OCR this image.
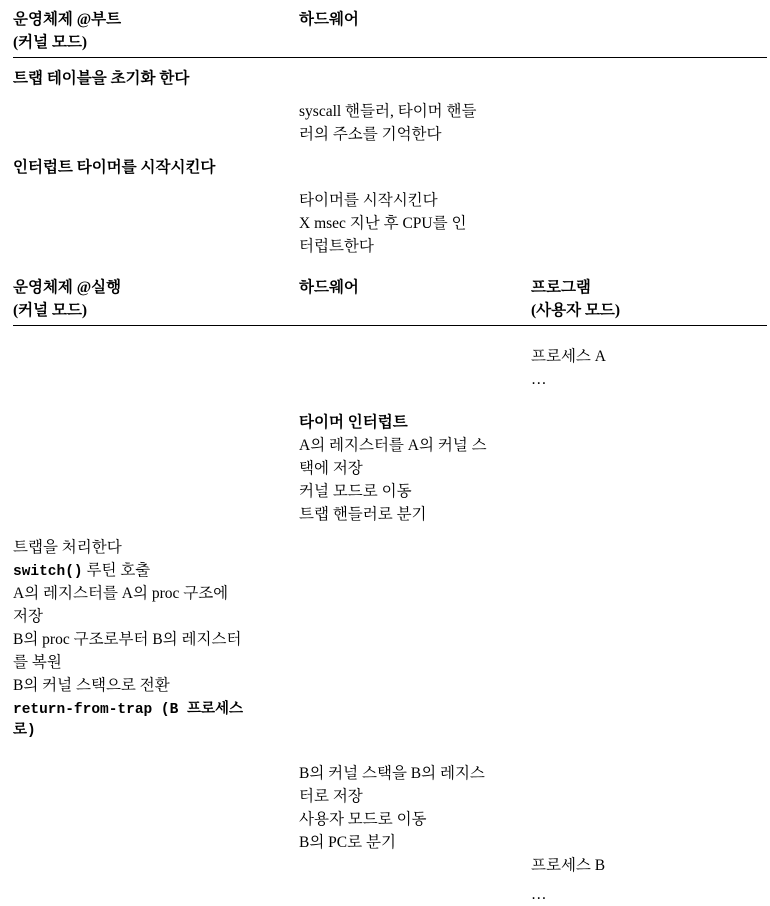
운영체제 @부트
(커널 모드)	하드웨어	

트랩 테이블을 초기화 한다		

	syscall 핸들러, 타이머 핸들
러의 주소를 기억한다	

인터럽트 타이머를 시작시킨다		

	타이머를 시작시킨다
X msec 지난 후 CPU를 인
터럽트한다	

운영체제 @실행
(커널 모드)	하드웨어	프로그램
(사용자 모드)

		프로세스 A
…

	타이머 인터럽트
A의 레지스터를 A의 커널 스
택에 저장
커널 모드로 이동
트랩 핸들러로 분기	

트랩을 처리한다
switch() 루틴 호출
A의 레지스터를 A의 proc 구조에
저장
B의 proc 구조로부터 B의 레지스터
를 복원
B의 커널 스택으로 전환
return-from-trap (B 프로세스
로)

	B의 커널 스택을 B의 레지스
터로 저장
사용자 모드로 이동
B의 PC로 분기	

		프로세스 B
…
